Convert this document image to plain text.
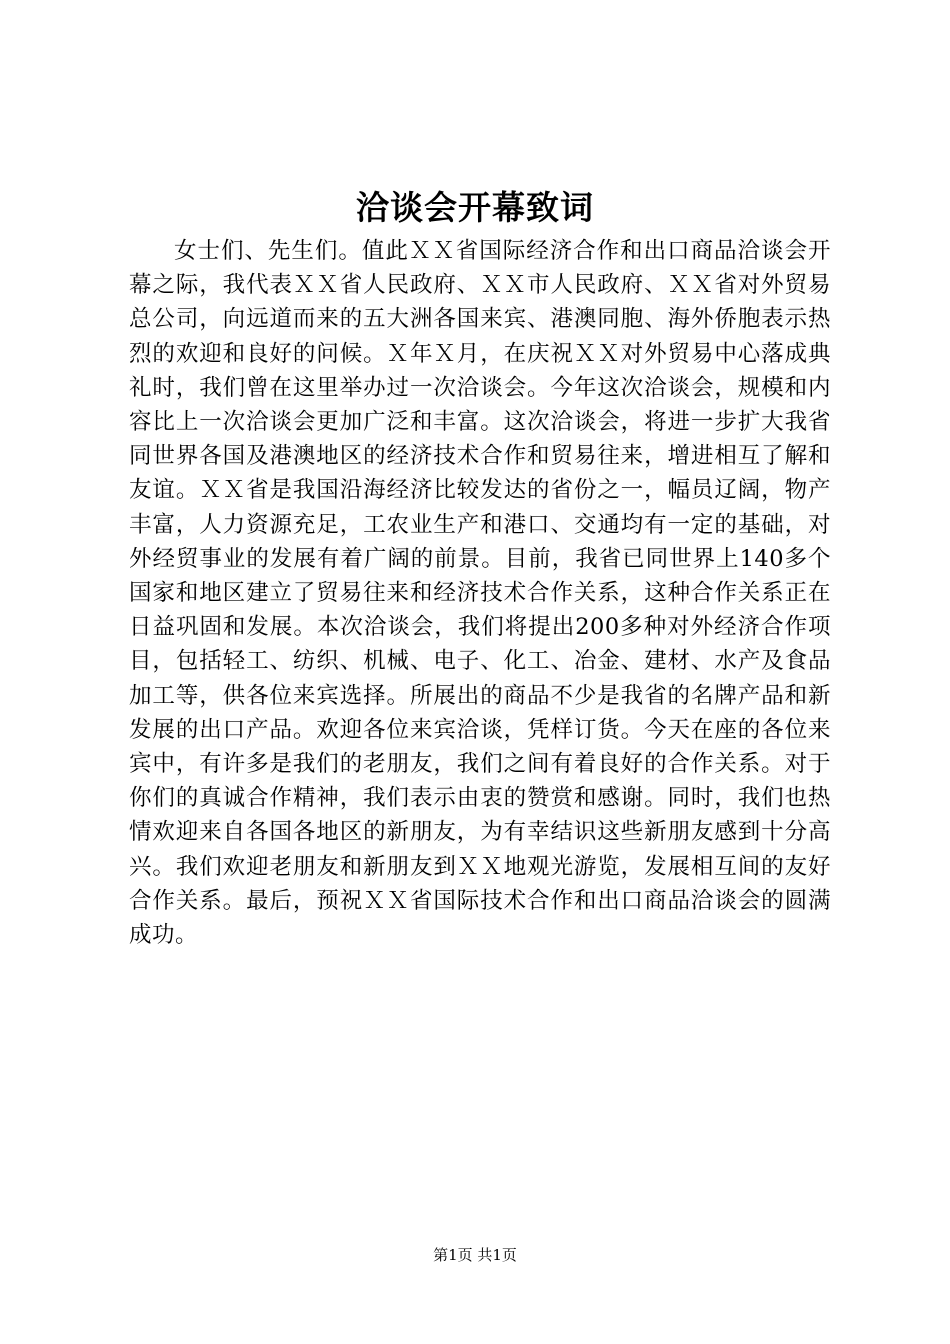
洽谈会开幕致词

女士们、先生们。值此ＸＸ省国际经济合作和出口商品洽谈会开幕之际，我代表ＸＸ省人民政府、ＸＸ市人民政府、ＸＸ省对外贸易总公司，向远道而来的五大洲各国来宾、港澳同胞、海外侨胞表示热烈的欢迎和良好的问候。Ｘ年Ｘ月，在庆祝ＸＸ对外贸易中心落成典礼时，我们曾在这里举办过一次洽谈会。今年这次洽谈会，规模和内容比上一次洽谈会更加广泛和丰富。这次洽谈会，将进一步扩大我省同世界各国及港澳地区的经济技术合作和贸易往来，增进相互了解和友谊。ＸＸ省是我国沿海经济比较发达的省份之一，幅员辽阔，物产丰富，人力资源充足，工农业生产和港口、交通均有一定的基础，对外经贸事业的发展有着广阔的前景。目前，我省已同世界上140多个国家和地区建立了贸易往来和经济技术合作关系，这种合作关系正在日益巩固和发展。本次洽谈会，我们将提出200多种对外经济合作项目，包括轻工、纺织、机械、电子、化工、冶金、建材、水产及食品加工等，供各位来宾选择。所展出的商品不少是我省的名牌产品和新发展的出口产品。欢迎各位来宾洽谈，凭样订货。今天在座的各位来宾中，有许多是我们的老朋友，我们之间有着良好的合作关系。对于你们的真诚合作精神，我们表示由衷的赞赏和感谢。同时，我们也热情欢迎来自各国各地区的新朋友，为有幸结识这些新朋友感到十分高兴。我们欢迎老朋友和新朋友到ＸＸ地观光游览，发展相互间的友好合作关系。最后，预祝ＸＸ省国际技术合作和出口商品洽谈会的圆满成功。

第1页 共1页
